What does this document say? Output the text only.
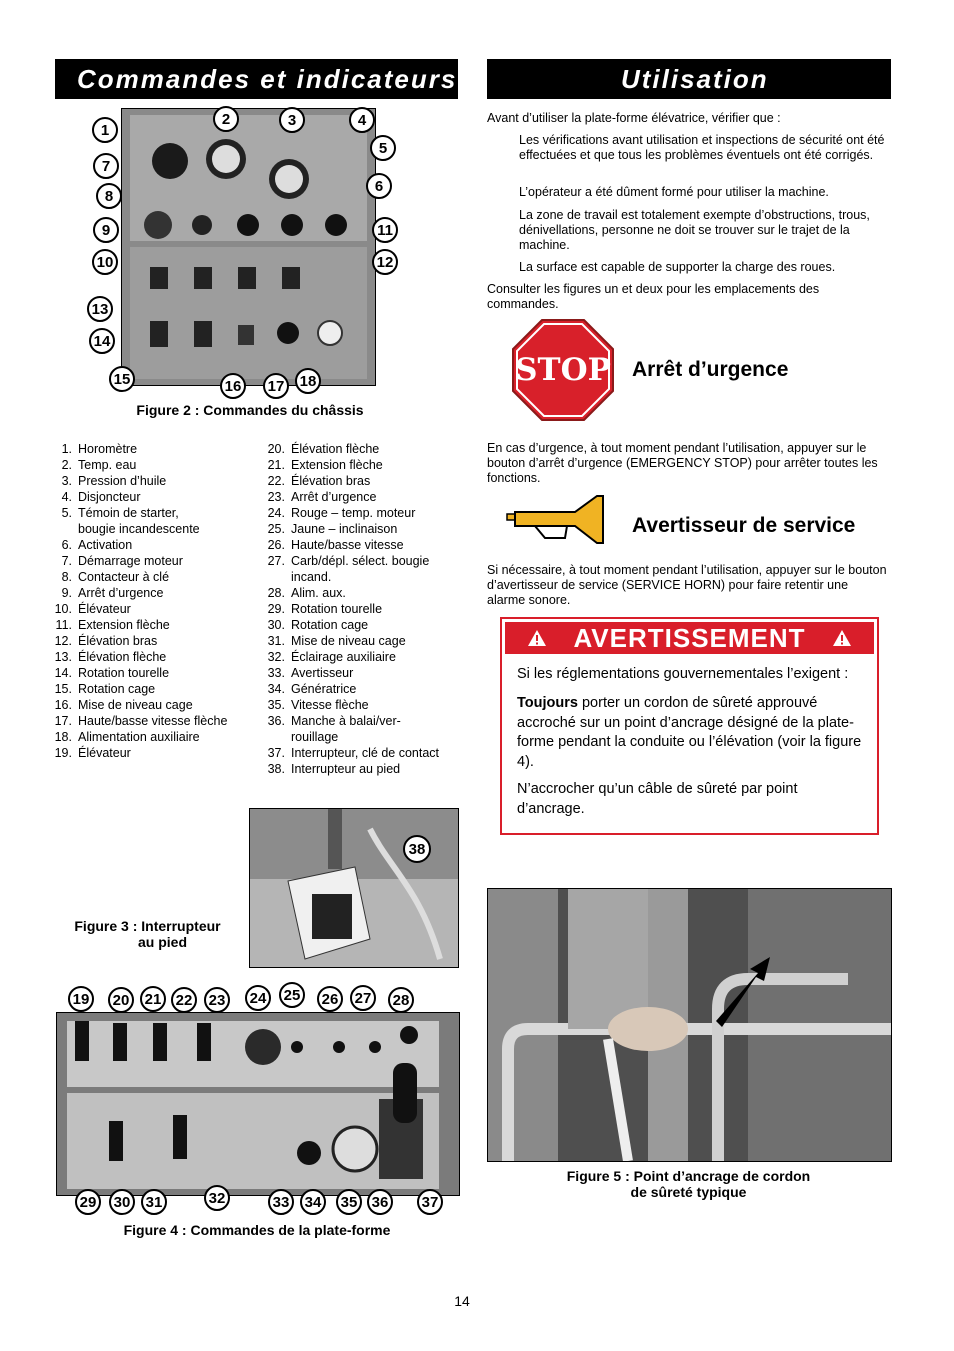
Commandes et indicateurs
1
2	3	4
5
6
7
8
9	11
10	12
13
14
15	16	17	18
Figure 2 : Commandes du châssis
1. Horomètre
2. Temp. eau
3. Pression d’huile
4. Disjoncteur
5. Témoin de starter,
bougie incandescente
6. Activation
7. Démarrage moteur
8. Contacteur à clé
9. Arrêt d’urgence
10. Élévateur
11. Extension flèche
12. Élévation bras
13. Élévation flèche
14. Rotation tourelle
15. Rotation cage
16. Mise de niveau cage
17. Haute/basse vitesse flèche
18. Alimentation auxiliaire
19. Élévateur
20. Élévation flèche
21. Extension flèche
22. Élévation bras
23. Arrêt d’urgence
24. Rouge – temp. moteur
25. Jaune – inclinaison
26. Haute/basse vitesse
27. Carb/dépl. sélect. bougie
incand.
28. Alim. aux.
29. Rotation tourelle
30. Rotation cage
31. Mise de niveau cage
32. Éclairage auxiliaire
33. Avertisseur
34. Génératrice
35. Vitesse flèche
36. Manche à balai/ver-
rouillage
37. Interrupteur, clé de contact
38. Interrupteur au pied
38
Figure 3 : Interrupteur
au pied
19	20	21 22	23	24	25	26	27	28
29	30	31	32	33	34	35 36	37
Figure 4 : Commandes de la plate-forme
Utilisation
Avant d’utiliser la plate-forme élévatrice, vérifier que :
Les vérifications avant utilisation et inspections de sécurité ont été effectuées et que tous les problèmes éventuels ont été corrigés.
L’opérateur a été dûment formé pour utiliser la machine.
La zone de travail est totalement exempte d’obstructions, trous, dénivellations, personne ne doit se trouver sur le trajet de la machine.
La surface est capable de supporter la charge des roues.
Consulter les figures un et deux pour les emplacements des commandes.
STOP Arrêt d’urgence
En cas d’urgence, à tout moment pendant l’utilisation, appuyer sur le bouton d’arrêt d’urgence (EMERGENCY STOP) pour arrêter toutes les fonctions.
Avertisseur de service
Si nécessaire, à tout moment pendant l’utilisation, appuyer sur le bouton d’avertisseur de service (SERVICE HORN) pour faire retentir une alarme sonore.
AVERTISSEMENT
Si les réglementations gouvernementales l’exigent :
Toujours porter un cordon de sûreté approuvé accroché sur un point d’ancrage désigné de la plate-forme pendant la conduite ou l’élévation (voir la figure 4).
N’accrocher qu’un câble de sûreté par point d’ancrage.
Figure 5 : Point d’ancrage de cordon
de sûreté typique
14
